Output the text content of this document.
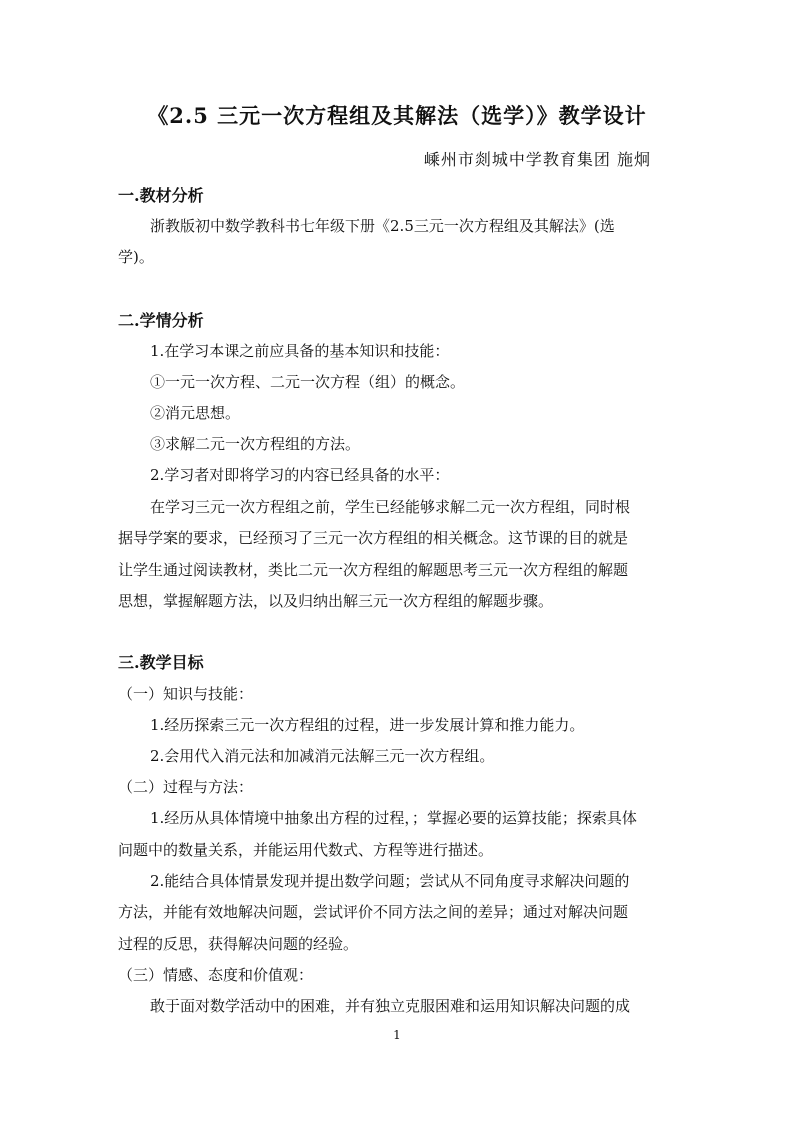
《2.5 三元一次方程组及其解法（选学）》教学设计
嵊州市剡城中学教育集团 施炯
一.教材分析
浙教版初中数学教科书七年级下册《2.5三元一次方程组及其解法》(选
学)。
二.学情分析
1.在学习本课之前应具备的基本知识和技能：
①一元一次方程、二元一次方程（组）的概念。
②消元思想。
③求解二元一次方程组的方法。
2.学习者对即将学习的内容已经具备的水平：
在学习三元一次方程组之前，学生已经能够求解二元一次方程组，同时根
据导学案的要求，已经预习了三元一次方程组的相关概念。这节课的目的就是
让学生通过阅读教材，类比二元一次方程组的解题思考三元一次方程组的解题
思想，掌握解题方法，以及归纳出解三元一次方程组的解题步骤。
三.教学目标
（一）知识与技能：
1.经历探索三元一次方程组的过程，进一步发展计算和推力能力。
2.会用代入消元法和加减消元法解三元一次方程组。
（二）过程与方法：
1.经历从具体情境中抽象出方程的过程，；掌握必要的运算技能；探索具体
问题中的数量关系，并能运用代数式、方程等进行描述。
2.能结合具体情景发现并提出数学问题；尝试从不同角度寻求解决问题的
方法，并能有效地解决问题，尝试评价不同方法之间的差异；通过对解决问题
过程的反思，获得解决问题的经验。
（三）情感、态度和价值观：
敢于面对数学活动中的困难，并有独立克服困难和运用知识解决问题的成
1
